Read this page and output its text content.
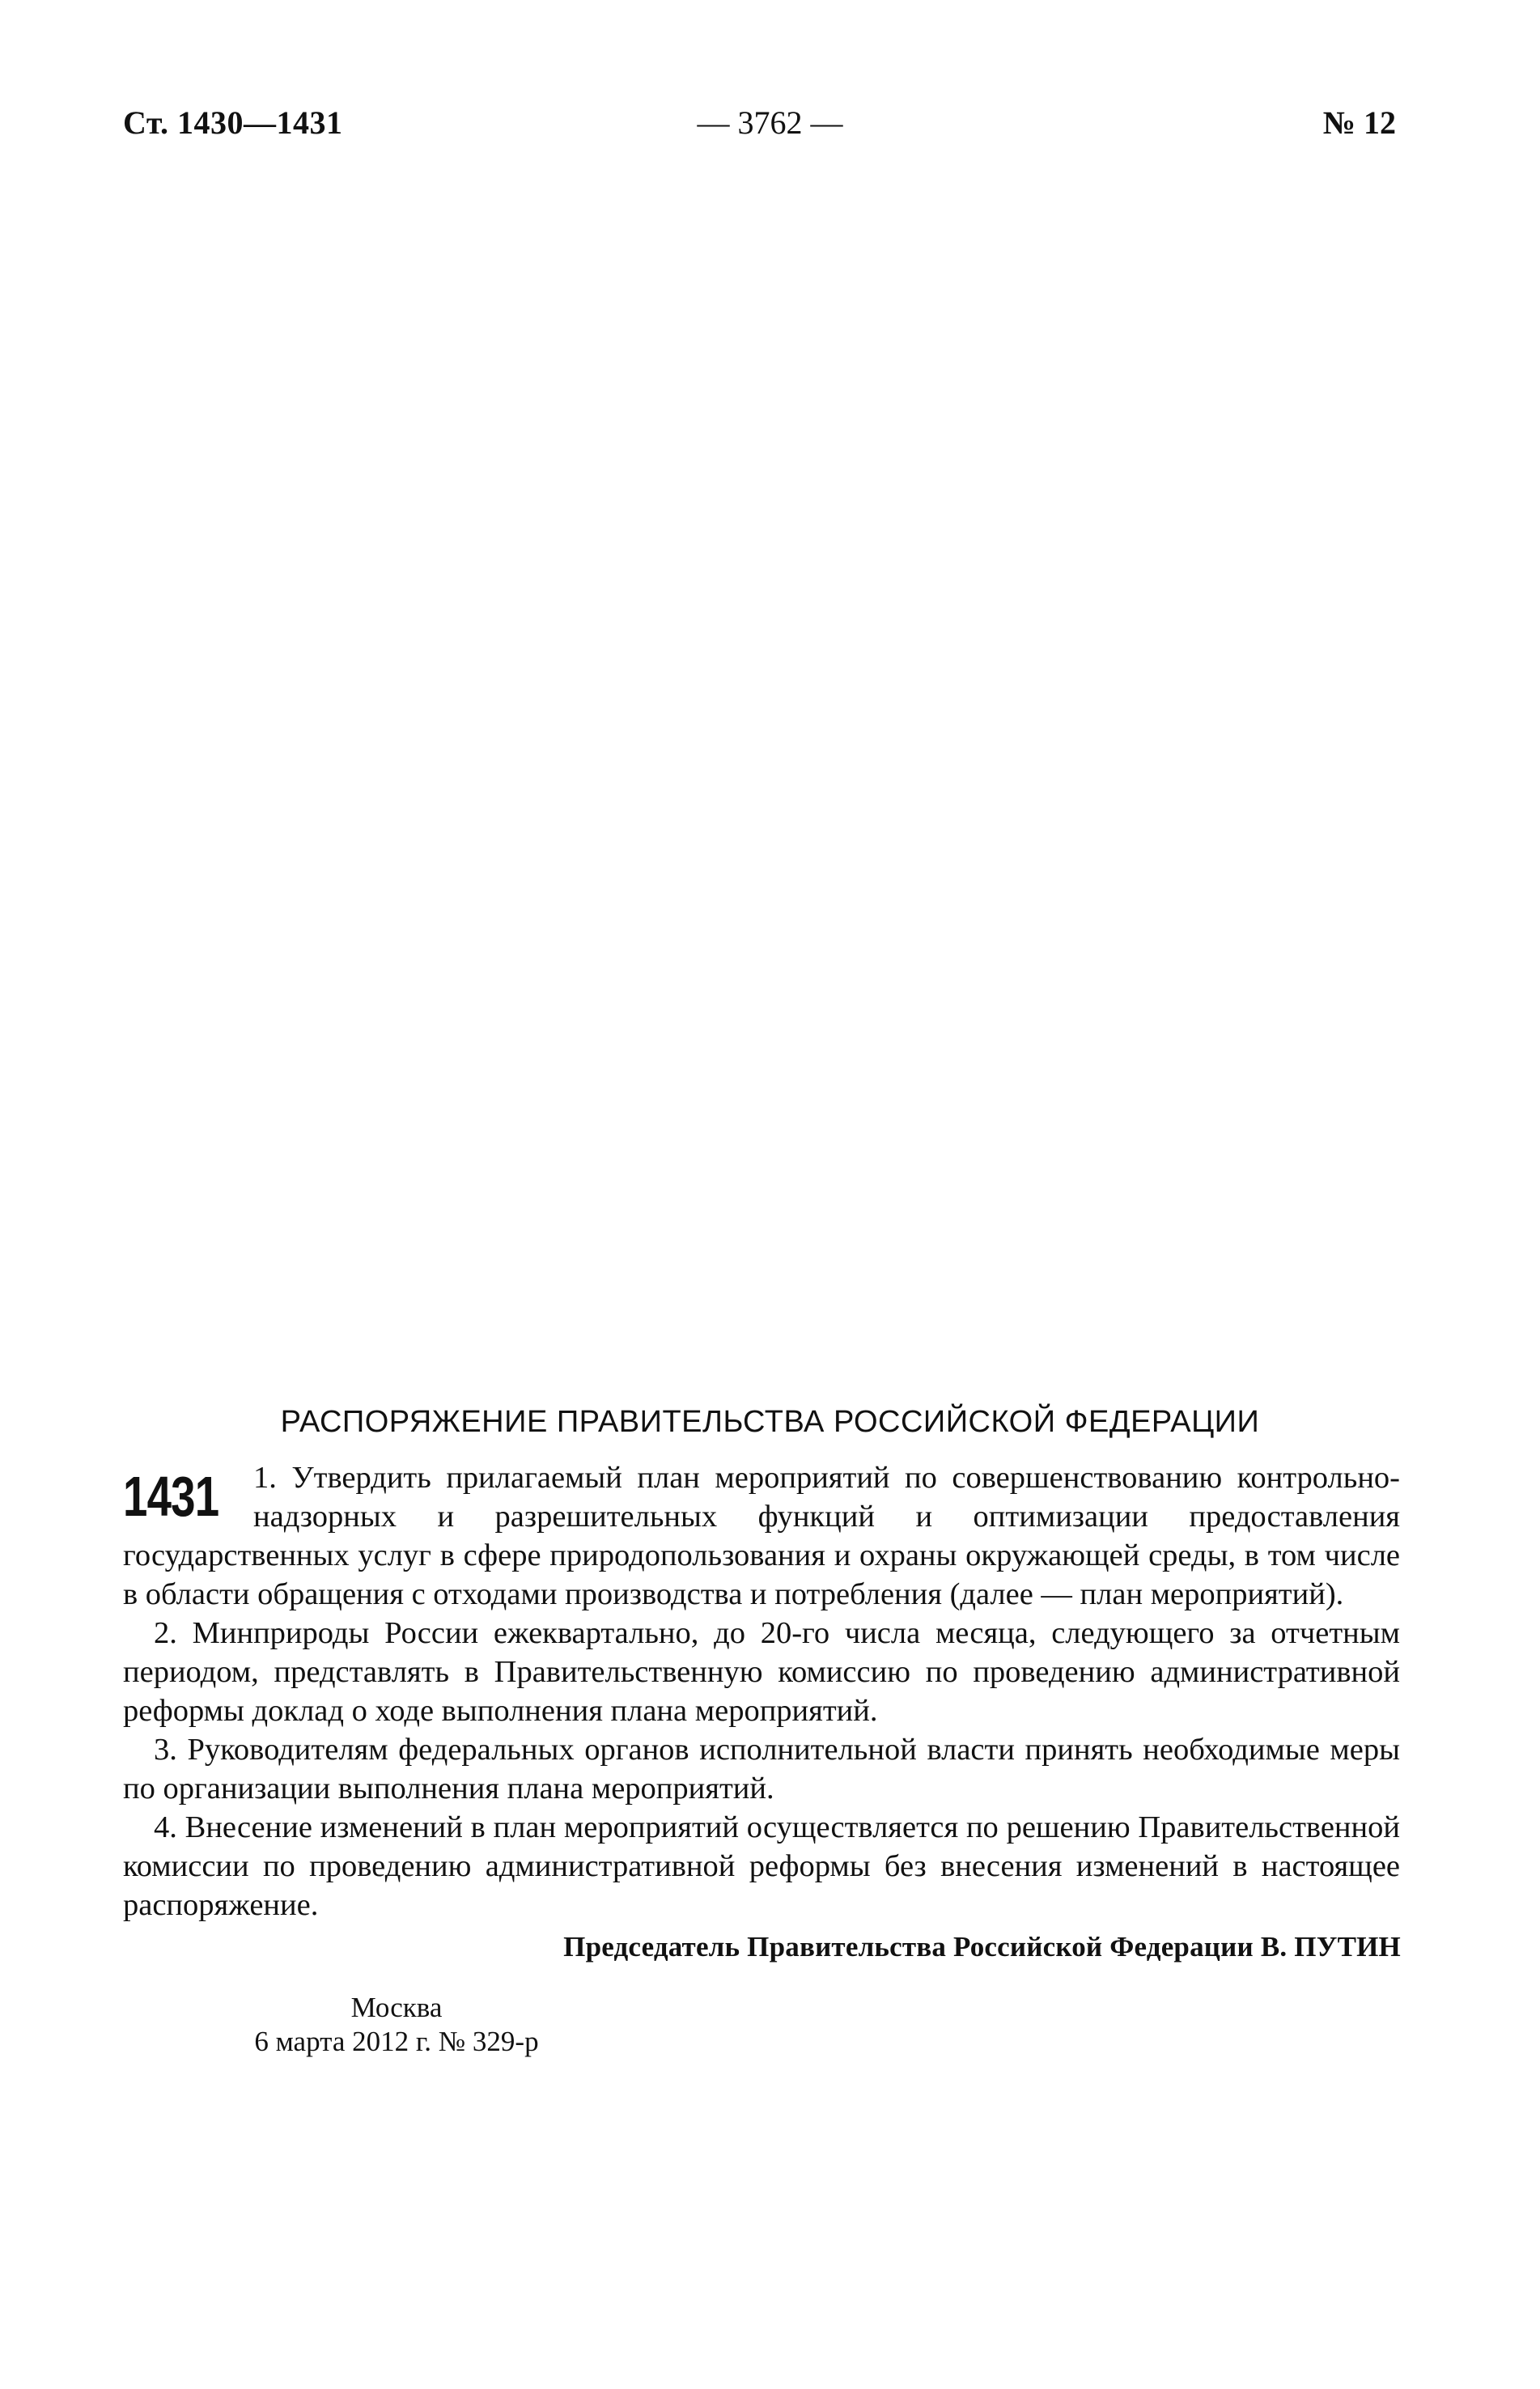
Ст. 1430—1431	— 3762 —	№ 12
РАСПОРЯЖЕНИЕ ПРАВИТЕЛЬСТВА РОССИЙСКОЙ ФЕДЕРАЦИИ
1431	1. Утвердить прилагаемый план мероприятий по совершенствованию контрольно-надзорных и разрешительных функций и оптимизации предоставления государственных услуг в сфере природопользования и охраны окружающей среды, в том числе в области обращения с отходами производства и потребления (далее — план мероприятий).

2. Минприроды России ежеквартально, до 20-го числа месяца, следующего за отчетным периодом, представлять в Правительственную комиссию по проведению административной реформы доклад о ходе выполнения плана мероприятий.

3. Руководителям федеральных органов исполнительной власти принять необходимые меры по организации выполнения плана мероприятий.

4. Внесение изменений в план мероприятий осуществляется по решению Правительственной комиссии по проведению административной реформы без внесения изменений в настоящее распоряжение.

Председатель Правительства Российской Федерации В. ПУТИН
Москва
6 марта 2012 г. № 329-р
